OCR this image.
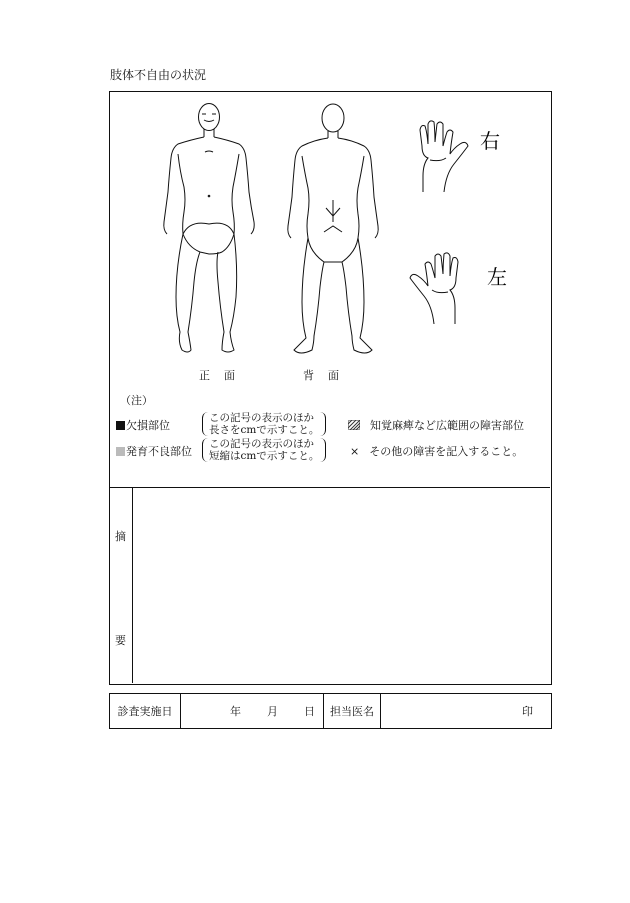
肢体不自由の状況
右
左
正面	背面
（注）
欠損部位
この記号の表示のほか
長さをcmで示すこと。
発育不良部位
この記号の表示のほか
短縮はcmで示すこと。
知覚麻痺など広範囲の障害部位
× その他の障害を記入すること。
摘
要
診査実施日	年 月 日 担当医名	印
